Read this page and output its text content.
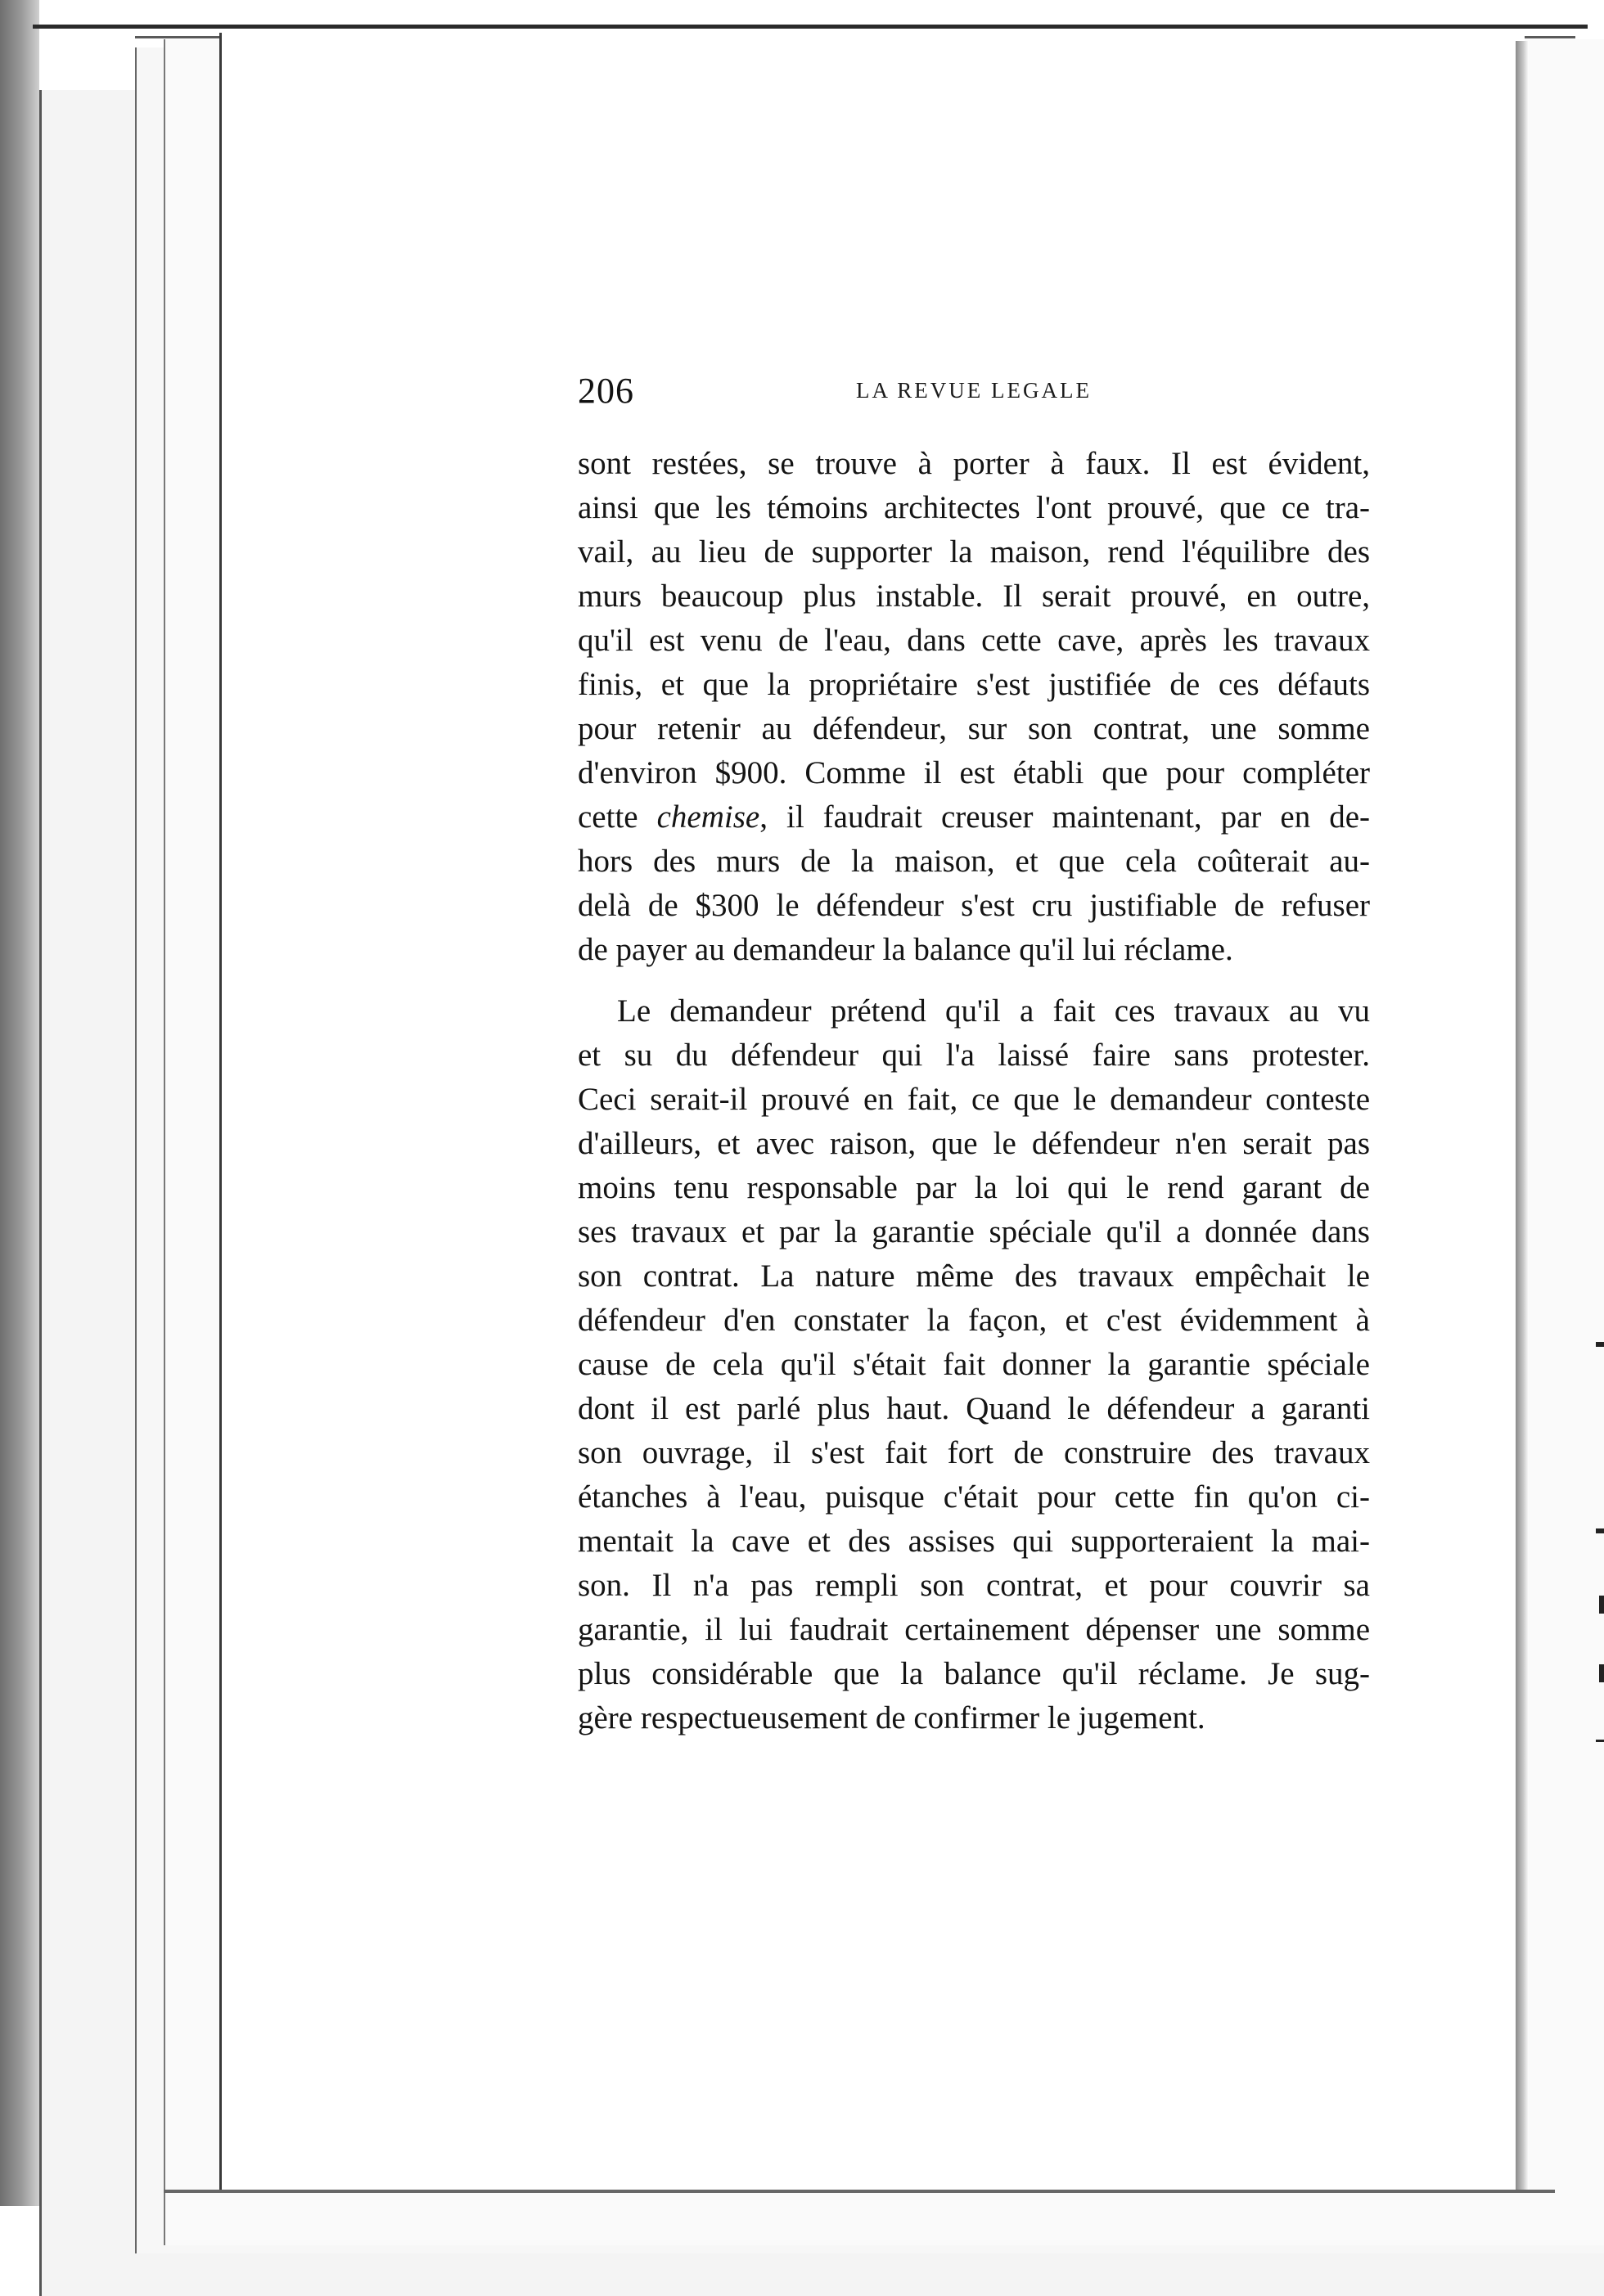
206	LA REVUE LEGALE
sont restées, se trouve à porter à faux. Il est évident,
ainsi que les témoins architectes l'ont prouvé, que ce tra-
vail, au lieu de supporter la maison, rend l'équilibre des
murs beaucoup plus instable. Il serait prouvé, en outre,
qu'il est venu de l'eau, dans cette cave, après les travaux
finis, et que la propriétaire s'est justifiée de ces défauts
pour retenir au défendeur, sur son contrat, une somme
d'environ $900. Comme il est établi que pour compléter
cette chemise, il faudrait creuser maintenant, par en de-
hors des murs de la maison, et que cela coûterait au-
delà de $300 le défendeur s'est cru justifiable de refuser
de payer au demandeur la balance qu'il lui réclame.
Le demandeur prétend qu'il a fait ces travaux au vu
et su du défendeur qui l'a laissé faire sans protester.
Ceci serait-il prouvé en fait, ce que le demandeur conteste
d'ailleurs, et avec raison, que le défendeur n'en serait pas
moins tenu responsable par la loi qui le rend garant de
ses travaux et par la garantie spéciale qu'il a donnée dans
son contrat. La nature même des travaux empêchait le
défendeur d'en constater la façon, et c'est évidemment à
cause de cela qu'il s'était fait donner la garantie spéciale
dont il est parlé plus haut. Quand le défendeur a garanti
son ouvrage, il s'est fait fort de construire des travaux
étanches à l'eau, puisque c'était pour cette fin qu'on ci-
mentait la cave et des assises qui supporteraient la mai-
son. Il n'a pas rempli son contrat, et pour couvrir sa
garantie, il lui faudrait certainement dépenser une somme
plus considérable que la balance qu'il réclame. Je sug-
gère respectueusement de confirmer le jugement.
